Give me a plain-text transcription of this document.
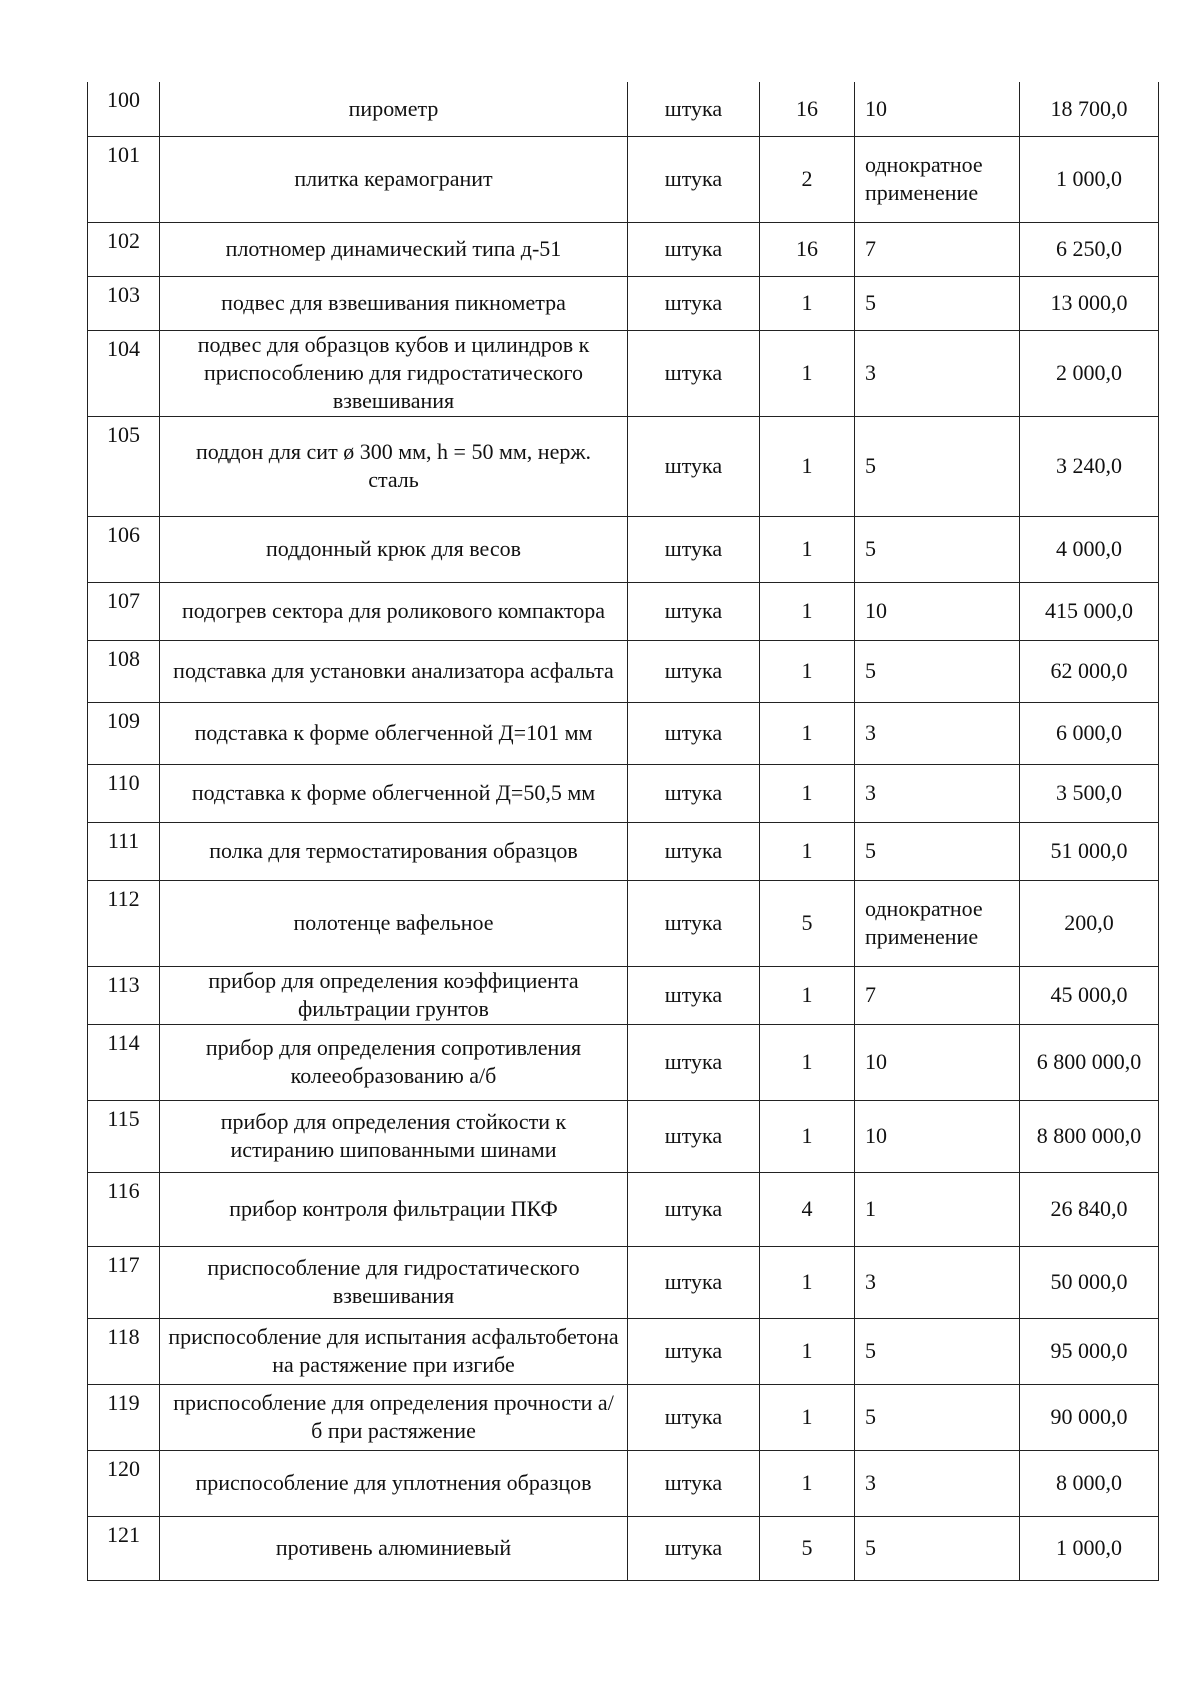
100	пирометр	штука	16	10	18 700,0
101	плитка керамогранит	штука	2	однократное применение	1 000,0
102	плотномер динамический типа д-51	штука	16	7	6 250,0
103	подвес для взвешивания пикнометра	штука	1	5	13 000,0
104	подвес для образцов кубов и цилиндров к приспособлению для гидростатического взвешивания	штука	1	3	2 000,0
105	поддон для сит ø 300 мм, h = 50 мм, нерж. сталь	штука	1	5	3 240,0
106	поддонный крюк для весов	штука	1	5	4 000,0
107	подогрев сектора для роликового компактора	штука	1	10	415 000,0
108	подставка для установки анализатора асфальта	штука	1	5	62 000,0
109	подставка к форме облегченной Д=101 мм	штука	1	3	6 000,0
110	подставка к форме облегченной Д=50,5 мм	штука	1	3	3 500,0
111	полка для термостатирования образцов	штука	1	5	51 000,0
112	полотенце вафельное	штука	5	однократное применение	200,0
113	прибор для определения коэффициента фильтрации грунтов	штука	1	7	45 000,0
114	прибор для определения сопротивления колееобразованию а/б	штука	1	10	6 800 000,0
115	прибор для определения стойкости к истиранию шипованными шинами	штука	1	10	8 800 000,0
116	прибор контроля фильтрации ПКФ	штука	4	1	26 840,0
117	приспособление для гидростатического взвешивания	штука	1	3	50 000,0
118	приспособление для испытания асфальтобетона на растяжение при изгибе	штука	1	5	95 000,0
119	приспособление для определения прочности а/б при растяжение	штука	1	5	90 000,0
120	приспособление для уплотнения образцов	штука	1	3	8 000,0
121	противень алюминиевый	штука	5	5	1 000,0
